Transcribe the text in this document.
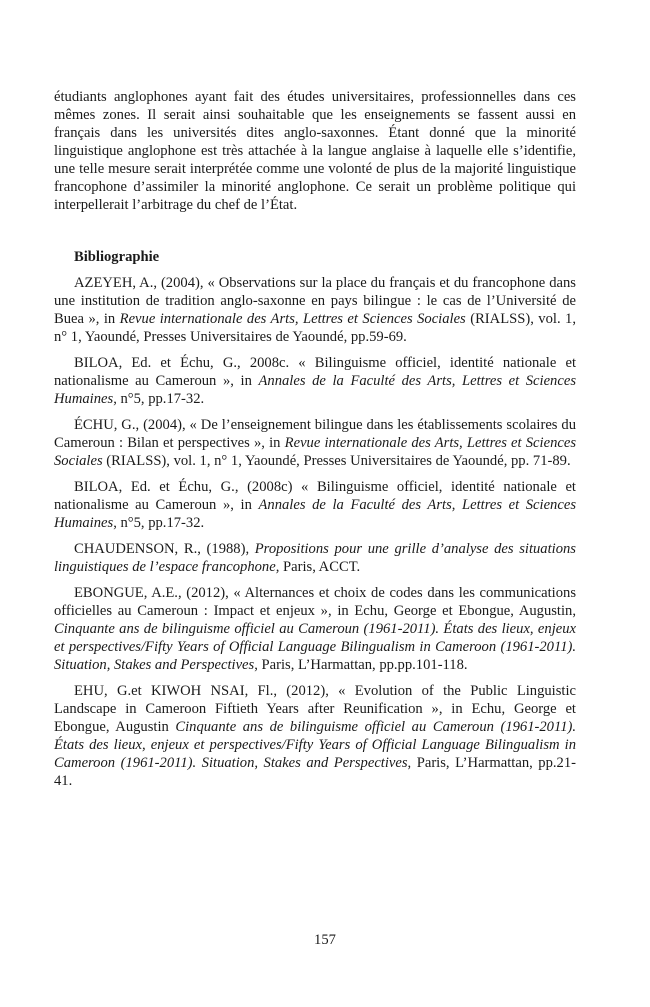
étudiants anglophones ayant fait des études universitaires, professionnelles dans ces mêmes zones. Il serait ainsi souhaitable que les enseignements se fassent aussi en français dans les universités dites anglo-saxonnes. Étant donné que la minorité linguistique anglophone est très attachée à la langue anglaise à laquelle elle s’identifie, une telle mesure serait interprétée comme une volonté de plus de la majorité linguistique francophone d’assimiler la minorité anglophone. Ce serait un problème politique qui interpellerait l’arbitrage du chef de l’État.

Bibliographie

AZEYEH, A., (2004), « Observations sur la place du français et du francophone dans une institution de tradition anglo-saxonne en pays bilingue : le cas de l’Université de Buea », in Revue internationale des Arts, Lettres et Sciences Sociales (RIALSS), vol. 1, n° 1, Yaoundé, Presses Universitaires de Yaoundé, pp.59-69.

BILOA, Ed. et Échu, G., 2008c. « Bilinguisme officiel, identité nationale et nationalisme au Cameroun », in Annales de la Faculté des Arts, Lettres et Sciences Humaines, n°5, pp.17-32.

ÉCHU, G., (2004), « De l’enseignement bilingue dans les établissements scolaires du Cameroun : Bilan et perspectives », in Revue internationale des Arts, Lettres et Sciences Sociales (RIALSS), vol. 1, n° 1, Yaoundé, Presses Universitaires de Yaoundé, pp. 71-89.

BILOA, Ed. et Échu, G., (2008c) « Bilinguisme officiel, identité nationale et nationalisme au Cameroun », in Annales de la Faculté des Arts, Lettres et Sciences Humaines, n°5, pp.17-32.

CHAUDENSON, R., (1988), Propositions pour une grille d’analyse des situations linguistiques de l’espace francophone, Paris, ACCT.

EBONGUE, A.E., (2012), « Alternances et choix de codes dans les communications officielles au Cameroun : Impact et enjeux », in Echu, George et Ebongue, Augustin, Cinquante ans de bilinguisme officiel au Cameroun (1961-2011). États des lieux, enjeux et perspectives/Fifty Years of Official Language Bilingualism in Cameroon (1961-2011). Situation, Stakes and Perspectives, Paris, L’Harmattan, pp.pp.101-118.

EHU, G.et KIWOH NSAI, Fl., (2012), « Evolution of the Public Linguistic Landscape in Cameroon Fiftieth Years after Reunification », in Echu, George et Ebongue, Augustin Cinquante ans de bilinguisme officiel au Cameroun (1961-2011). États des lieux, enjeux et perspectives/Fifty Years of Official Language Bilingualism in Cameroon (1961-2011). Situation, Stakes and Perspectives, Paris, L’Harmattan, pp.21-41.

157
